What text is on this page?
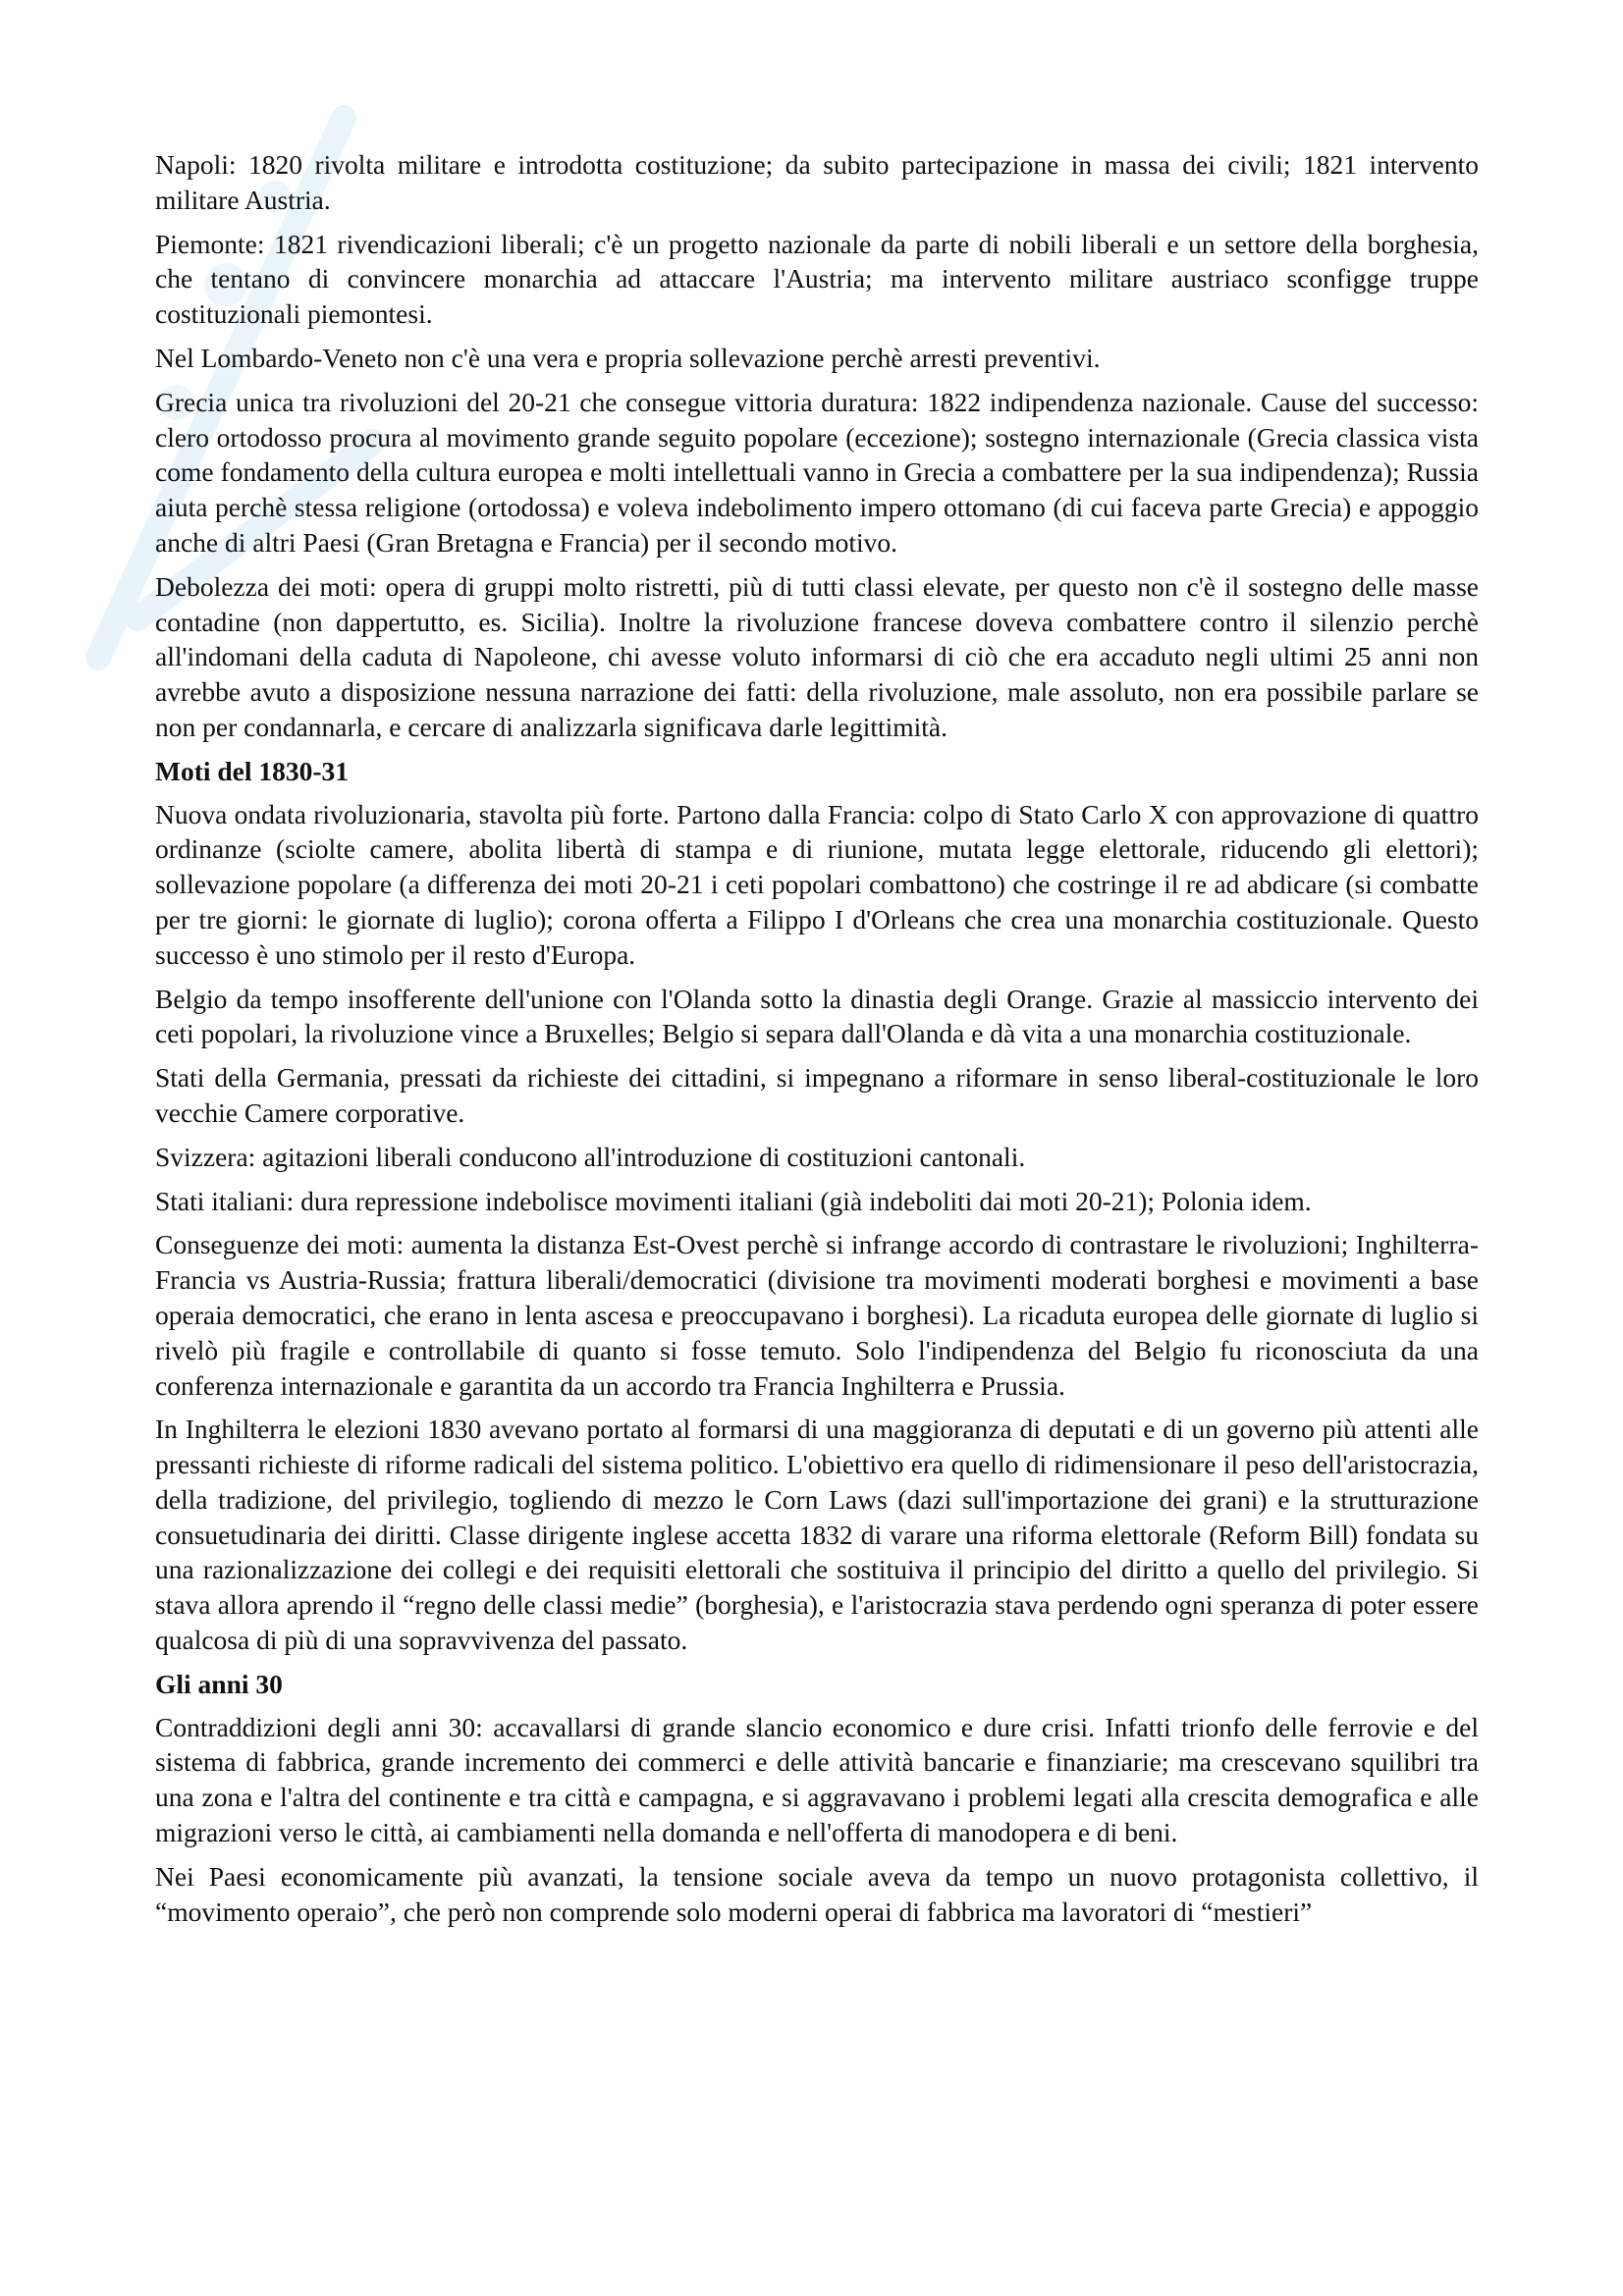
Napoli: 1820 rivolta militare e introdotta costituzione; da subito partecipazione in massa dei civili; 1821 intervento militare Austria.

Piemonte: 1821 rivendicazioni liberali; c'è un progetto nazionale da parte di nobili liberali e un settore della borghesia, che tentano di convincere monarchia ad attaccare l'Austria; ma intervento militare austriaco sconfigge truppe costituzionali piemontesi.

Nel Lombardo-Veneto non c'è una vera e propria sollevazione perchè arresti preventivi.

Grecia unica tra rivoluzioni del 20-21 che consegue vittoria duratura: 1822 indipendenza nazionale. Cause del successo: clero ortodosso procura al movimento grande seguito popolare (eccezione); sostegno internazionale (Grecia classica vista come fondamento della cultura europea e molti intellettuali vanno in Grecia a combattere per la sua indipendenza); Russia aiuta perchè stessa religione (ortodossa) e voleva indebolimento impero ottomano (di cui faceva parte Grecia) e appoggio anche di altri Paesi (Gran Bretagna e Francia) per il secondo motivo.

Debolezza dei moti: opera di gruppi molto ristretti, più di tutti classi elevate, per questo non c'è il sostegno delle masse contadine (non dappertutto, es. Sicilia). Inoltre la rivoluzione francese doveva combattere contro il silenzio perchè all'indomani della caduta di Napoleone, chi avesse voluto informarsi di ciò che era accaduto negli ultimi 25 anni non avrebbe avuto a disposizione nessuna narrazione dei fatti: della rivoluzione, male assoluto, non era possibile parlare se non per condannarla, e cercare di analizzarla significava darle legittimità.

Moti del 1830-31

Nuova ondata rivoluzionaria, stavolta più forte. Partono dalla Francia: colpo di Stato Carlo X con approvazione di quattro ordinanze (sciolte camere, abolita libertà di stampa e di riunione, mutata legge elettorale, riducendo gli elettori); sollevazione popolare (a differenza dei moti 20-21 i ceti popolari combattono) che costringe il re ad abdicare (si combatte per tre giorni: le giornate di luglio); corona offerta a Filippo I d'Orleans che crea una monarchia costituzionale. Questo successo è uno stimolo per il resto d'Europa.

Belgio da tempo insofferente dell'unione con l'Olanda sotto la dinastia degli Orange. Grazie al massiccio intervento dei ceti popolari, la rivoluzione vince a Bruxelles; Belgio si separa dall'Olanda e dà vita a una monarchia costituzionale.

Stati della Germania, pressati da richieste dei cittadini, si impegnano a riformare in senso liberal-costituzionale le loro vecchie Camere corporative.

Svizzera: agitazioni liberali conducono all'introduzione di costituzioni cantonali.

Stati italiani: dura repressione indebolisce movimenti italiani (già indeboliti dai moti 20-21); Polonia idem.

Conseguenze dei moti: aumenta la distanza Est-Ovest perchè si infrange accordo di contrastare le rivoluzioni; Inghilterra-Francia vs Austria-Russia; frattura liberali/democratici (divisione tra movimenti moderati borghesi e movimenti a base operaia democratici, che erano in lenta ascesa e preoccupavano i borghesi). La ricaduta europea delle giornate di luglio si rivelò più fragile e controllabile di quanto si fosse temuto. Solo l'indipendenza del Belgio fu riconosciuta da una conferenza internazionale e garantita da un accordo tra Francia Inghilterra e Prussia.

In Inghilterra le elezioni 1830 avevano portato al formarsi di una maggioranza di deputati e di un governo più attenti alle pressanti richieste di riforme radicali del sistema politico. L'obiettivo era quello di ridimensionare il peso dell'aristocrazia, della tradizione, del privilegio, togliendo di mezzo le Corn Laws (dazi sull'importazione dei grani) e la strutturazione consuetudinaria dei diritti. Classe dirigente inglese accetta 1832 di varare una riforma elettorale (Reform Bill) fondata su una razionalizzazione dei collegi e dei requisiti elettorali che sostituiva il principio del diritto a quello del privilegio. Si stava allora aprendo il “regno delle classi medie” (borghesia), e l'aristocrazia stava perdendo ogni speranza di poter essere qualcosa di più di una sopravvivenza del passato.

Gli anni 30

Contraddizioni degli anni 30: accavallarsi di grande slancio economico e dure crisi. Infatti trionfo delle ferrovie e del sistema di fabbrica, grande incremento dei commerci e delle attività bancarie e finanziarie; ma crescevano squilibri tra una zona e l'altra del continente e tra città e campagna, e si aggravavano i problemi legati alla crescita demografica e alle migrazioni verso le città, ai cambiamenti nella domanda e nell'offerta di manodopera e di beni.

Nei Paesi economicamente più avanzati, la tensione sociale aveva da tempo un nuovo protagonista collettivo, il “movimento operaio”, che però non comprende solo moderni operai di fabbrica ma lavoratori di “mestieri”
